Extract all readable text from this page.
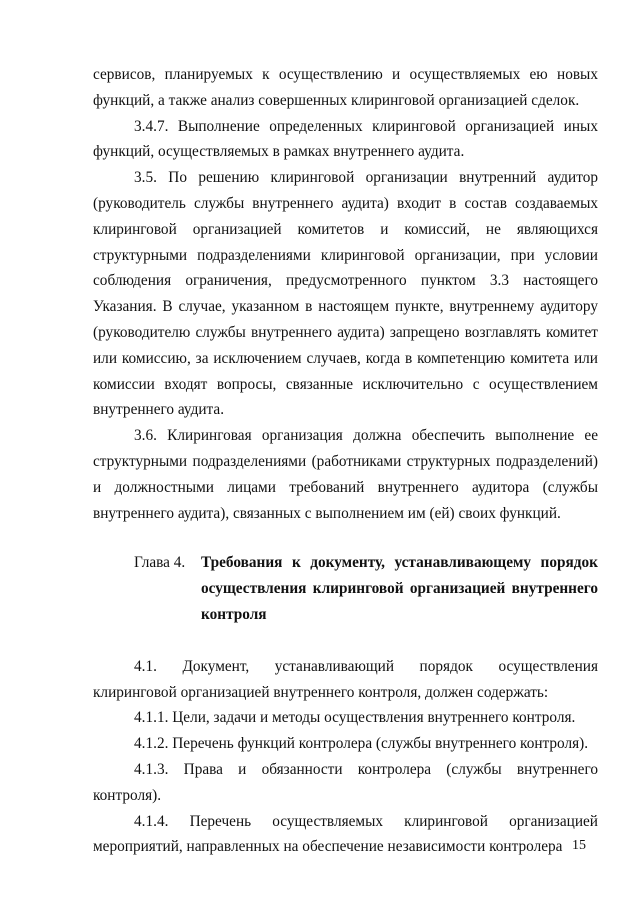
сервисов, планируемых к осуществлению и осуществляемых ею новых функций, а также анализ совершенных клиринговой организацией сделок.

3.4.7. Выполнение определенных клиринговой организацией иных функций, осуществляемых в рамках внутреннего аудита.

3.5. По решению клиринговой организации внутренний аудитор (руководитель службы внутреннего аудита) входит в состав создаваемых клиринговой организацией комитетов и комиссий, не являющихся структурными подразделениями клиринговой организации, при условии соблюдения ограничения, предусмотренного пунктом 3.3 настоящего Указания. В случае, указанном в настоящем пункте, внутреннему аудитору (руководителю службы внутреннего аудита) запрещено возглавлять комитет или комиссию, за исключением случаев, когда в компетенцию комитета или комиссии входят вопросы, связанные исключительно с осуществлением внутреннего аудита.

3.6. Клиринговая организация должна обеспечить выполнение ее структурными подразделениями (работниками структурных подразделений) и должностными лицами требований внутреннего аудитора (службы внутреннего аудита), связанных с выполнением им (ей) своих функций.

Глава 4.	Требования к документу, устанавливающему порядок осуществления клиринговой организацией внутреннего контроля

4.1. Документ, устанавливающий порядок осуществления клиринговой организацией внутреннего контроля, должен содержать:

4.1.1. Цели, задачи и методы осуществления внутреннего контроля.

4.1.2. Перечень функций контролера (службы внутреннего контроля).

4.1.3. Права и обязанности контролера (службы внутреннего контроля).

4.1.4. Перечень осуществляемых клиринговой организацией мероприятий, направленных на обеспечение независимости контролера 15
